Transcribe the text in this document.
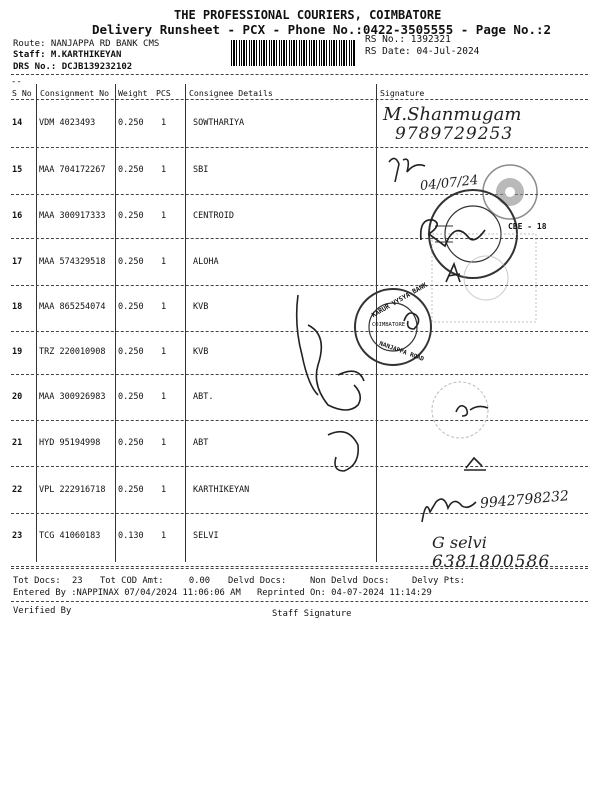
THE PROFESSIONAL COURIERS, COIMBATORE
Delivery Runsheet - PCX - Phone No.:0422-3505555 - Page No.:2
Route: NANJAPPA RD BANK CMS
Staff: M.KARTHIKEYAN
DRS No.: DCJB139232102
RS No.: 1392321
RS Date: 04-Jul-2024
--
S No Consignment No Weight PCS Consignee Details	Signature
14 VDM 4023493	0.250 1	SOWTHARIYA
15 MAA 704172267 0.250 1	SBI
16 MAA 300917333 0.250 1	CENTROID
17 MAA 574329518 0.250 1	ALOHA
18 MAA 865254074 0.250 1	KVB
19 TRZ 220010908 0.250 1	KVB
20 MAA 300926983 0.250 1	ABT.
21 HYD 95194998 0.250 1	ABT
22 VPL 222916718 0.250 1	KARTHIKEYAN
23 TCG 41060183 0.130 1	SELVI
CBE - 18
KARUR VYSYA BANK
NANJAPPA ROAD
COIMBATORE
M.Shanmugam
9789729253
04/07/24
9942798232
G selvi
6381800586
Tot Docs: 23 Tot COD Amt:	0.00 Delvd Docs:	Non Delvd Docs:	Delvy Pts:
Entered By :NAPPINAX 07/04/2024 11:06:06 AM Reprinted On: 04-07-2024 11:14:29
Verified By	Staff Signature
